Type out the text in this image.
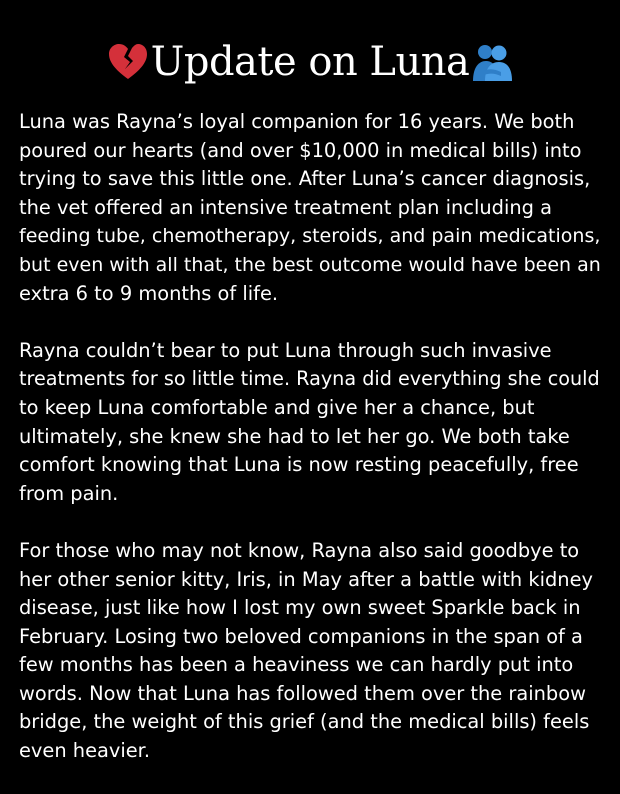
Update on Luna

Luna was Rayna’s loyal companion for 16 years. We both
poured our hearts (and over $10,000 in medical bills) into
trying to save this little one. After Luna’s cancer diagnosis,
the vet offered an intensive treatment plan including a
feeding tube, chemotherapy, steroids, and pain medications,
but even with all that, the best outcome would have been an
extra 6 to 9 months of life.

Rayna couldn’t bear to put Luna through such invasive
treatments for so little time. Rayna did everything she could
to keep Luna comfortable and give her a chance, but
ultimately, she knew she had to let her go. We both take
comfort knowing that Luna is now resting peacefully, free
from pain.

For those who may not know, Rayna also said goodbye to
her other senior kitty, Iris, in May after a battle with kidney
disease, just like how I lost my own sweet Sparkle back in
February. Losing two beloved companions in the span of a
few months has been a heaviness we can hardly put into
words. Now that Luna has followed them over the rainbow
bridge, the weight of this grief (and the medical bills) feels
even heavier.
